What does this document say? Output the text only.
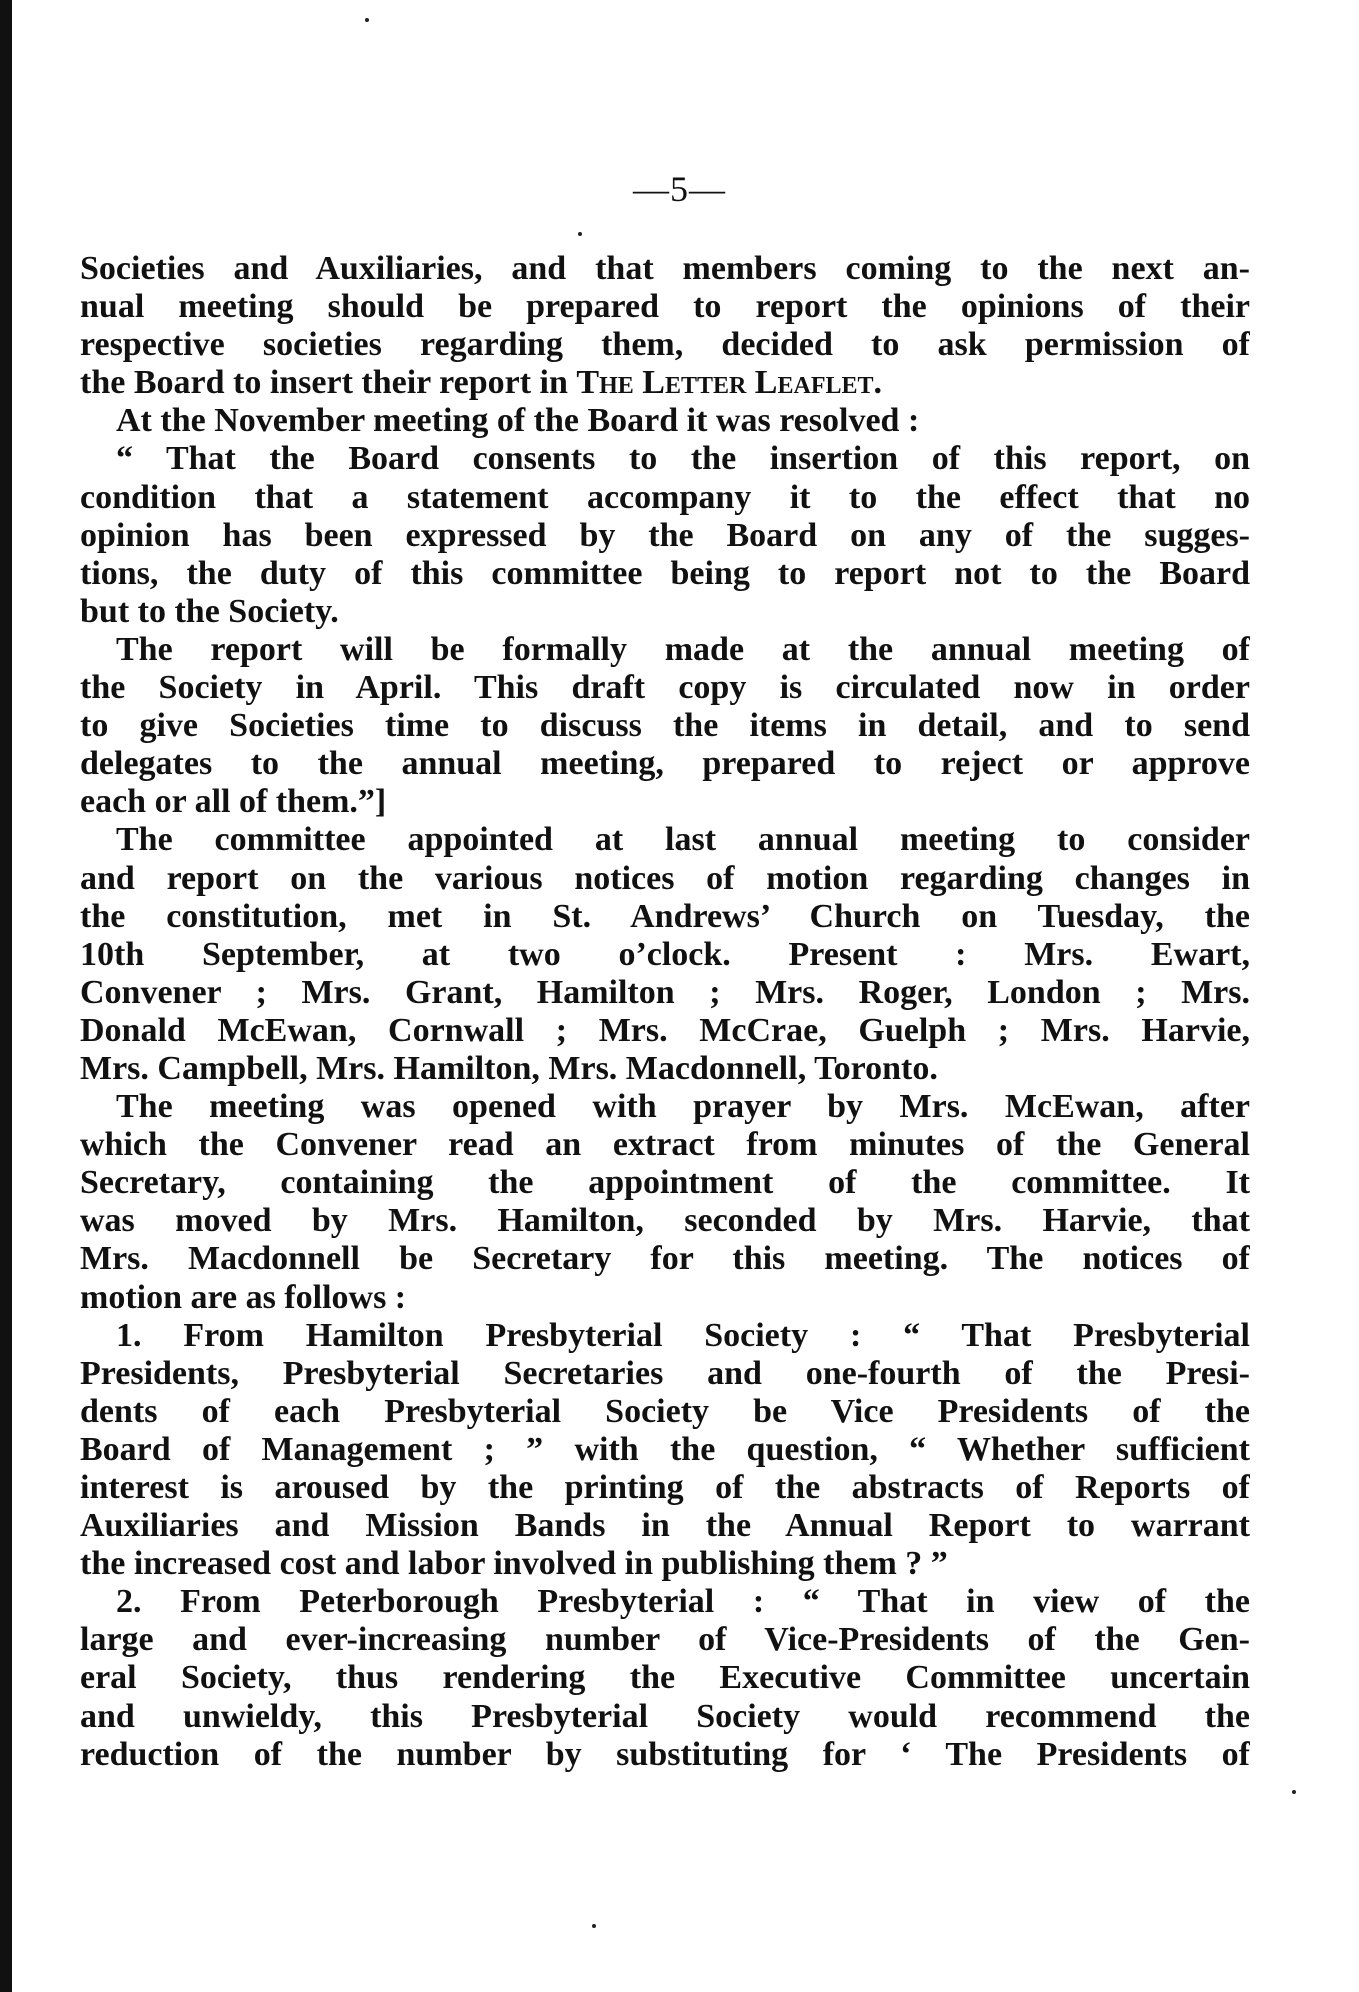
—5—
Societies and Auxiliaries, and that members coming to the next an-
nual meeting should be prepared to report the opinions of their
respective societies regarding them, decided to ask permission of
the Board to insert their report in The Letter Leaflet.
At the November meeting of the Board it was resolved :
“ That the Board consents to the insertion of this report, on
condition that a statement accompany it to the effect that no
opinion has been expressed by the Board on any of the sugges-
tions, the duty of this committee being to report not to the Board
but to the Society.
The report will be formally made at the annual meeting of
the Society in April. This draft copy is circulated now in order
to give Societies time to discuss the items in detail, and to send
delegates to the annual meeting, prepared to reject or approve
each or all of them.”]
The committee appointed at last annual meeting to consider
and report on the various notices of motion regarding changes in
the constitution, met in St. Andrews’ Church on Tuesday, the
10th September, at two o’clock. Present : Mrs. Ewart,
Convener ; Mrs. Grant, Hamilton ; Mrs. Roger, London ; Mrs.
Donald McEwan, Cornwall ; Mrs. McCrae, Guelph ; Mrs. Harvie,
Mrs. Campbell, Mrs. Hamilton, Mrs. Macdonnell, Toronto.
The meeting was opened with prayer by Mrs. McEwan, after
which the Convener read an extract from minutes of the General
Secretary, containing the appointment of the committee. It
was moved by Mrs. Hamilton, seconded by Mrs. Harvie, that
Mrs. Macdonnell be Secretary for this meeting. The notices of
motion are as follows :
1. From Hamilton Presbyterial Society : “ That Presbyterial
Presidents, Presbyterial Secretaries and one-fourth of the Presi-
dents of each Presbyterial Society be Vice Presidents of the
Board of Management ; ” with the question, “ Whether sufficient
interest is aroused by the printing of the abstracts of Reports of
Auxiliaries and Mission Bands in the Annual Report to warrant
the increased cost and labor involved in publishing them ? ”
2. From Peterborough Presbyterial : “ That in view of the
large and ever-increasing number of Vice-Presidents of the Gen-
eral Society, thus rendering the Executive Committee uncertain
and unwieldy, this Presbyterial Society would recommend the
reduction of the number by substituting for ‘ The Presidents of
